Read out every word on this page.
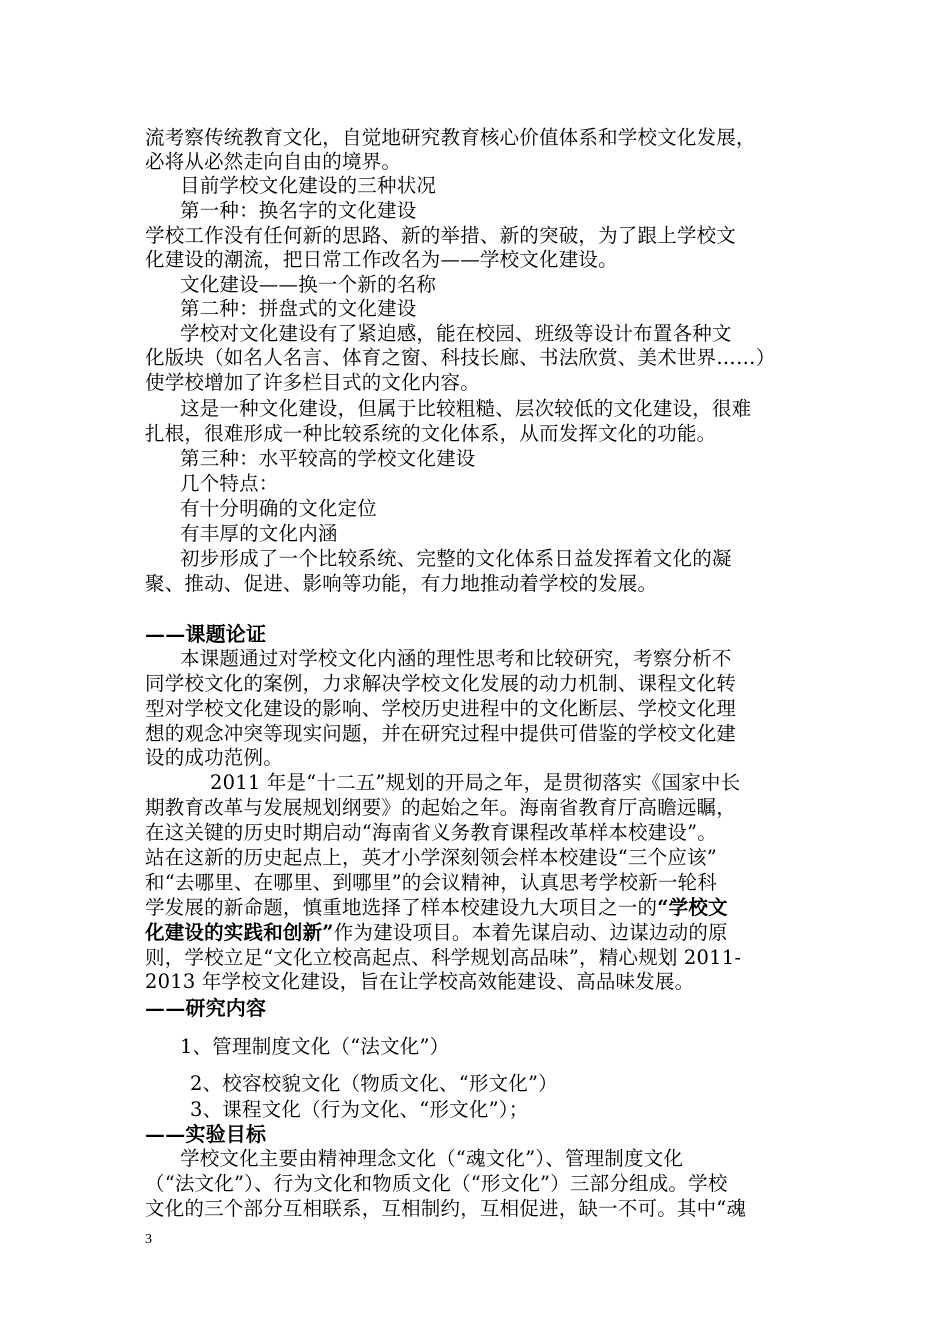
流考察传统教育文化，自觉地研究教育核心价值体系和学校文化发展，
必将从必然走向自由的境界。
目前学校文化建设的三种状况
第一种：换名字的文化建设
学校工作没有任何新的思路、新的举措、新的突破，为了跟上学校文
化建设的潮流，把日常工作改名为——学校文化建设。
文化建设——换一个新的名称
第二种：拼盘式的文化建设
学校对文化建设有了紧迫感，能在校园、班级等设计布置各种文
化版块（如名人名言、体育之窗、科技长廊、书法欣赏、美术世界……）
使学校增加了许多栏目式的文化内容。
这是一种文化建设，但属于比较粗糙、层次较低的文化建设，很难
扎根，很难形成一种比较系统的文化体系，从而发挥文化的功能。
第三种：水平较高的学校文化建设
几个特点：
有十分明确的文化定位
有丰厚的文化内涵
初步形成了一个比较系统、完整的文化体系日益发挥着文化的凝
聚、推动、促进、影响等功能，有力地推动着学校的发展。
——课题论证
本课题通过对学校文化内涵的理性思考和比较研究，考察分析不
同学校文化的案例，力求解决学校文化发展的动力机制、课程文化转
型对学校文化建设的影响、学校历史进程中的文化断层、学校文化理
想的观念冲突等现实问题，并在研究过程中提供可借鉴的学校文化建
设的成功范例。
2011 年是“十二五”规划的开局之年，是贯彻落实《国家中长
期教育改革与发展规划纲要》的起始之年。海南省教育厅高瞻远瞩，
在这关键的历史时期启动“海南省义务教育课程改革样本校建设”。
站在这新的历史起点上，英才小学深刻领会样本校建设“三个应该”
和“去哪里、在哪里、到哪里”的会议精神，认真思考学校新一轮科
学发展的新命题，慎重地选择了样本校建设九大项目之一的“学校文
化建设的实践和创新”作为建设项目。本着先谋启动、边谋边动的原
则，学校立足“文化立校高起点、科学规划高品味”，精心规划 2011-
2013 年学校文化建设，旨在让学校高效能建设、高品味发展。
——研究内容
1、管理制度文化（“法文化”）
2、校容校貌文化（物质文化、“形文化”）
3、课程文化（行为文化、“形文化”）；
——实验目标
学校文化主要由精神理念文化（“魂文化”）、管理制度文化
（“法文化”）、行为文化和物质文化（“形文化”）三部分组成。学校
文化的三个部分互相联系，互相制约，互相促进，缺一不可。其中“魂
3
